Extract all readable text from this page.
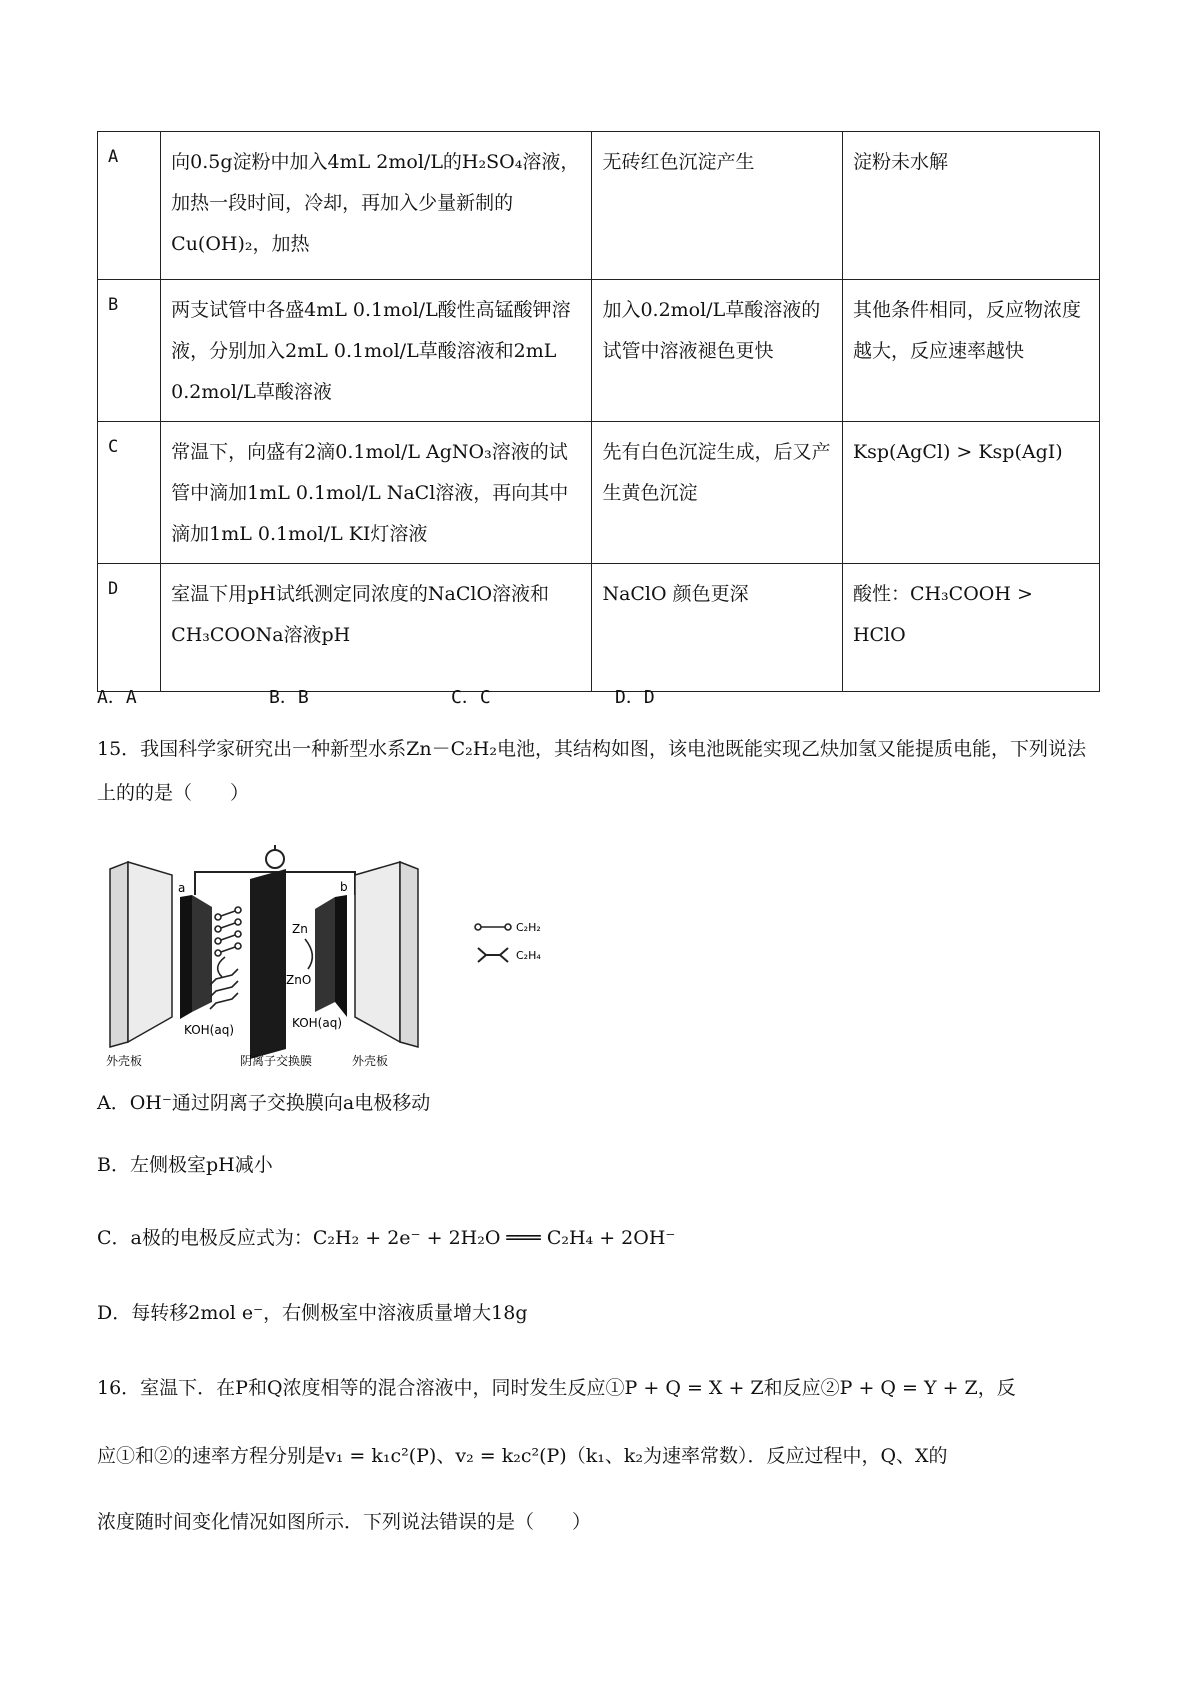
A	向0.5g淀粉中加入4mL 2mol/L的H₂SO₄溶液，加热一段时间，冷却，再加入少量新制的Cu(OH)₂，加热	无砖红色沉淀产生	淀粉未水解
B	两支试管中各盛4mL 0.1mol/L酸性高锰酸钾溶液，分别加入2mL 0.1mol/L草酸溶液和2mL 0.2mol/L草酸溶液	加入0.2mol/L草酸溶液的试管中溶液褪色更快	其他条件相同，反应物浓度越大，反应速率越快
C	常温下，向盛有2滴0.1mol/L AgNO₃溶液的试管中滴加1mL 0.1mol/L NaCl溶液，再向其中滴加1mL 0.1mol/L KI灯溶液	先有白色沉淀生成，后又产生黄色沉淀	Ksp(AgCl) > Ksp(AgI)
D	室温下用pH试纸测定同浓度的NaClO溶液和CH₃COONa溶液pH	NaClO 颜色更深	酸性：CH₃COOH > HClO
A．A	B．B	C．C	D．D
15．我国科学家研究出一种新型水系Zn－C₂H₂电池，其结构如图，该电池既能实现乙炔加氢又能提质电能，下列说法上的的是（　　）
a	b
Zn
ZnO
KOH(aq)	KOH(aq)
外壳板	阴离子交换膜	外壳板
C₂H₂
C₂H₄
A．OH⁻通过阴离子交换膜向a电极移动
B．左侧极室pH减小
C．a极的电极反应式为：C₂H₂ + 2e⁻ + 2H₂O ═══ C₂H₄ + 2OH⁻
D．每转移2mol e⁻，右侧极室中溶液质量增大18g
16．室温下．在P和Q浓度相等的混合溶液中，同时发生反应①P + Q = X + Z和反应②P + Q = Y + Z，反
应①和②的速率方程分别是v₁ = k₁c²(P)、v₂ = k₂c²(P)（k₁、k₂为速率常数）．反应过程中，Q、X的
浓度随时间变化情况如图所示．下列说法错误的是（　　）
